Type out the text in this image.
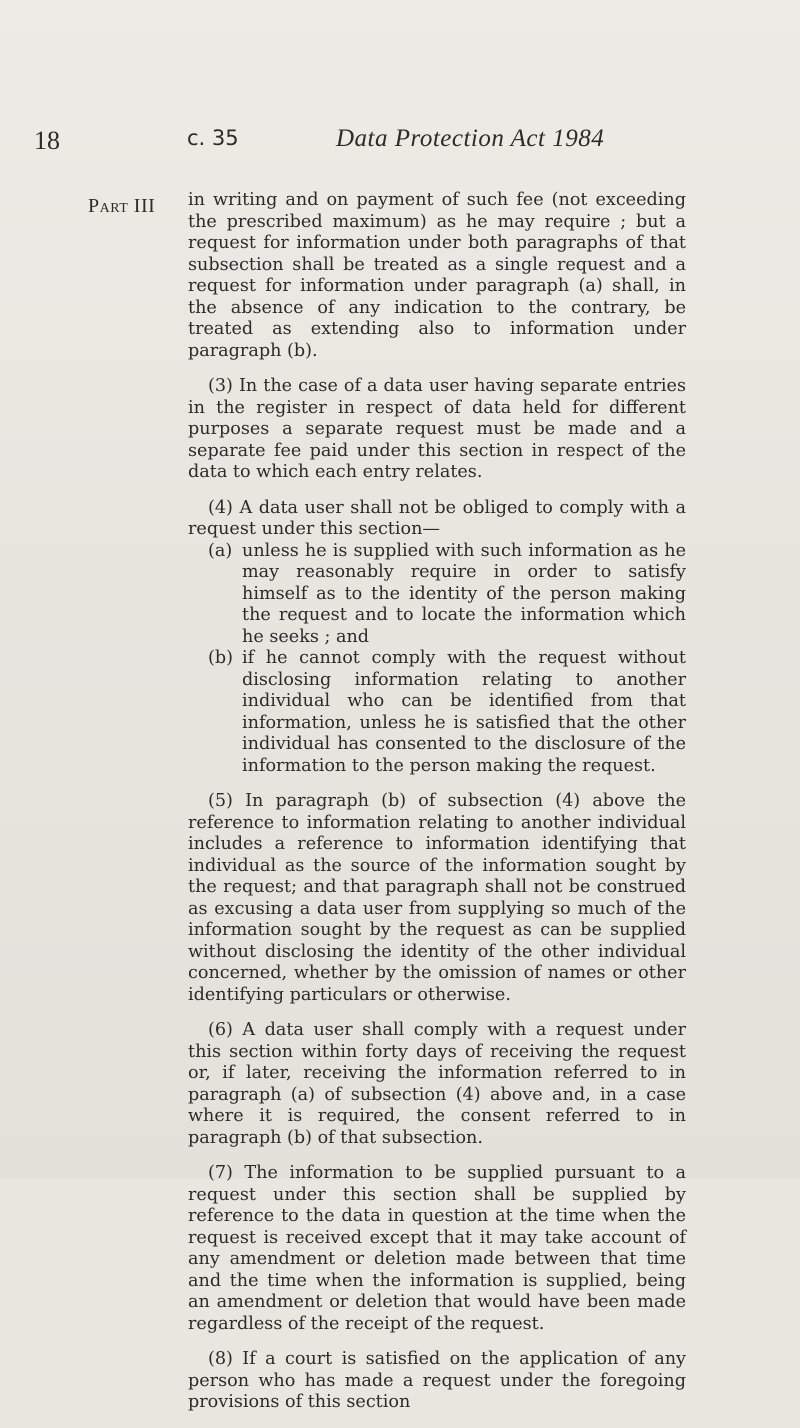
18	c. 35	Data Protection Act 1984
Part III in writing and on payment of such fee (not exceeding the prescribed maximum) as he may require ; but a request for information under both paragraphs of that subsection shall be treated as a single request and a request for information under paragraph (a) shall, in the absence of any indication to the contrary, be treated as extending also to information under paragraph (b).

(3) In the case of a data user having separate entries in the register in respect of data held for different purposes a separate request must be made and a separate fee paid under this section in respect of the data to which each entry relates.

(4) A data user shall not be obliged to comply with a request under this section—

(a) unless he is supplied with such information as he may reasonably require in order to satisfy himself as to the identity of the person making the request and to locate the information which he seeks ; and
(b) if he cannot comply with the request without disclosing information relating to another individual who can be identified from that information, unless he is satisfied that the other individual has consented to the disclosure of the information to the person making the request.

(5) In paragraph (b) of subsection (4) above the reference to information relating to another individual includes a reference to information identifying that individual as the source of the information sought by the request; and that paragraph shall not be construed as excusing a data user from supplying so much of the information sought by the request as can be supplied without disclosing the identity of the other individual concerned, whether by the omission of names or other identifying particulars or otherwise.

(6) A data user shall comply with a request under this section within forty days of receiving the request or, if later, receiving the information referred to in paragraph (a) of subsection (4) above and, in a case where it is required, the consent referred to in paragraph (b) of that subsection.

(7) The information to be supplied pursuant to a request under this section shall be supplied by reference to the data in question at the time when the request is received except that it may take account of any amendment or deletion made between that time and the time when the information is supplied, being an amendment or deletion that would have been made regardless of the receipt of the request.

(8) If a court is satisfied on the application of any person who has made a request under the foregoing provisions of this section
